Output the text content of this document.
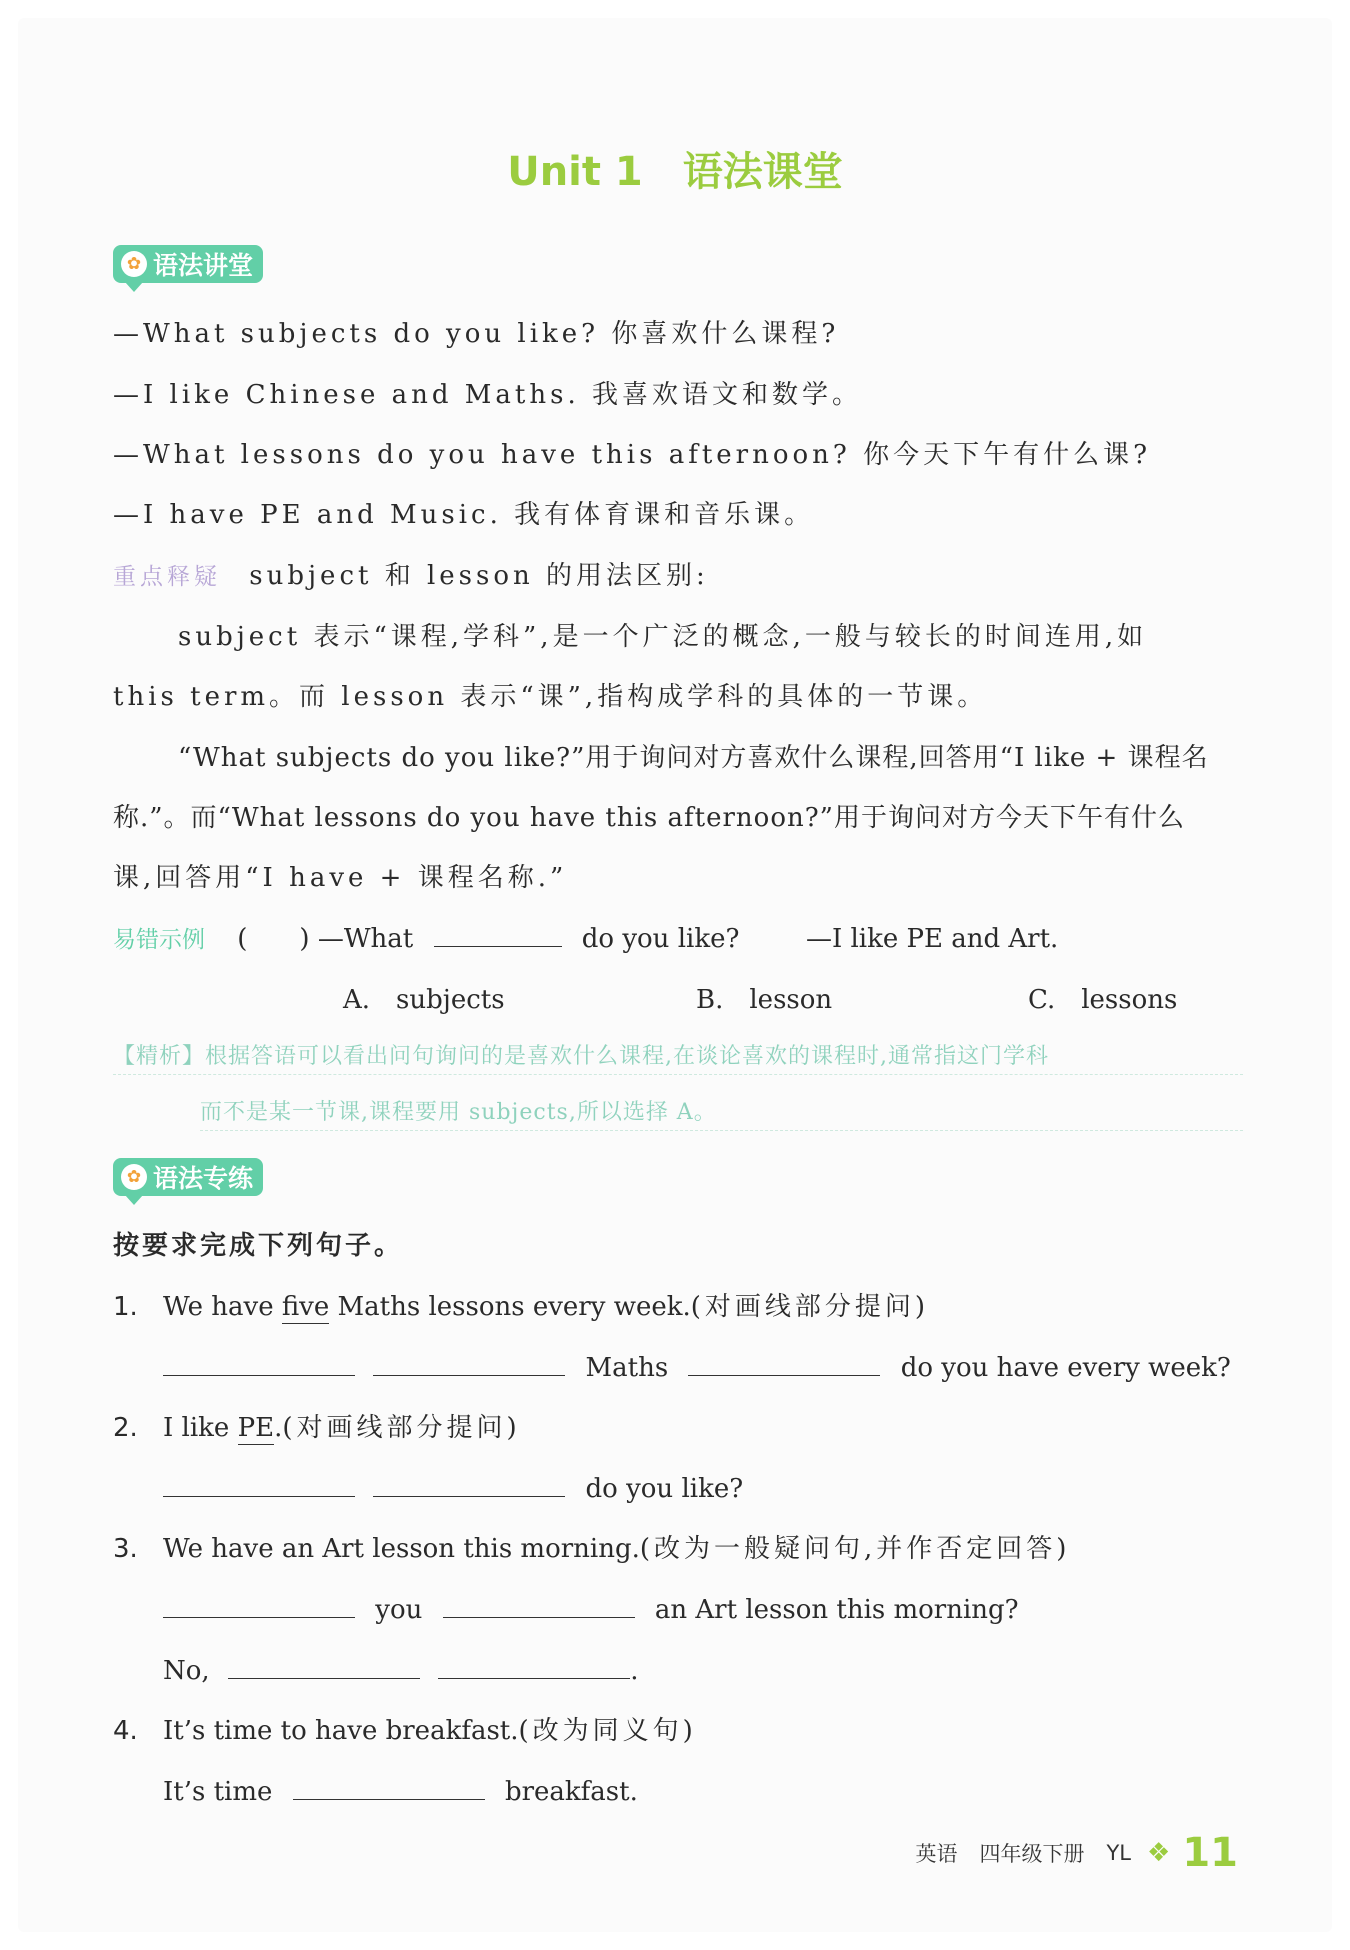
Unit 1　语法课堂
✿ 语法讲堂
—What subjects do you like? 你喜欢什么课程?
—I like Chinese and Maths. 我喜欢语文和数学。
—What lessons do you have this afternoon? 你今天下午有什么课?
—I have PE and Music. 我有体育课和音乐课。
重点释疑 subject 和 lesson 的用法区别:
subject 表示“课程,学科”,是一个广泛的概念,一般与较长的时间连用,如
this term。而 lesson 表示“课”,指构成学科的具体的一节课。
“What subjects do you like?”用于询问对方喜欢什么课程,回答用“I like + 课程名
称.”。而“What lessons do you have this afternoon?”用于询问对方今天下午有什么
课,回答用“I have + 课程名称.”
易错示例 (　　) —What	do you like?	—I like PE and Art.
A.　subjects	B.　lesson	C.　lessons
【精析】根据答语可以看出问句询问的是喜欢什么课程,在谈论喜欢的课程时,通常指这门学科
而不是某一节课,课程要用 subjects,所以选择 A。
✿ 语法专练
按要求完成下列句子。
1. We have five Maths lessons every week.(对画线部分提问)
Maths	do you have every week?
2. I like PE.(对画线部分提问)
do you like?
3. We have an Art lesson this morning.(改为一般疑问句,并作否定回答)
you	an Art lesson this morning?
No,	.
4. It’s time to have breakfast.(改为同义句)
It’s time	breakfast.
英语 四年级下册 YL ❖ 11
